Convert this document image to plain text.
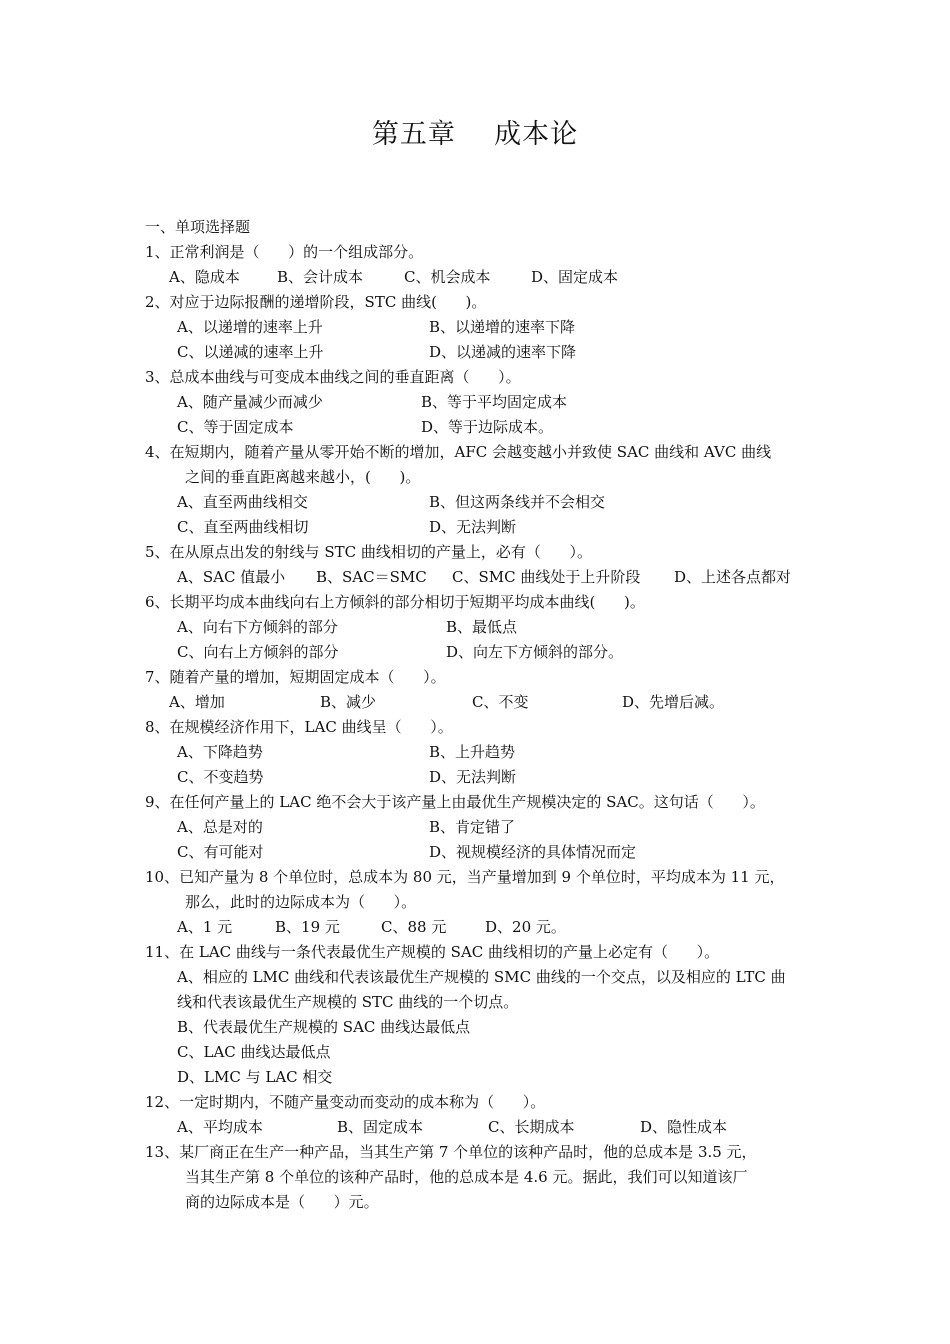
第五章    成本论
一、单项选择题
1、正常利润是（      ）的一个组成部分。
A、隐成本 B、会计成本	C、机会成本	D、固定成本
2、对应于边际报酬的递增阶段，STC 曲线(      )。
A、以递增的速率上升	B、以递增的速率下降
C、以递减的速率上升	D、以递减的速率下降
3、总成本曲线与可变成本曲线之间的垂直距离（      ）。
A、随产量减少而减少	B、等于平均固定成本
C、等于固定成本	D、等于边际成本。
4、在短期内，随着产量从零开始不断的增加，AFC 会越变越小并致使 SAC 曲线和 AVC 曲线
之间的垂直距离越来越小，(      )。
A、直至两曲线相交	B、但这两条线并不会相交
C、直至两曲线相切	D、无法判断
5、在从原点出发的射线与 STC 曲线相切的产量上，必有（      ）。
A、SAC 值最小 B、SAC＝SMC C、SMC 曲线处于上升阶段 D、上述各点都对
6、长期平均成本曲线向右上方倾斜的部分相切于短期平均成本曲线(      )。
A、向右下方倾斜的部分	B、最低点
C、向右上方倾斜的部分	D、向左下方倾斜的部分。
7、随着产量的增加，短期固定成本（      ）。
A、增加	B、减少	C、不变	D、先增后减。
8、在规模经济作用下，LAC 曲线呈（      ）。
A、下降趋势	B、上升趋势
C、不变趋势	D、无法判断
9、在任何产量上的 LAC 绝不会大于该产量上由最优生产规模决定的 SAC。这句话（      ）。
A、总是对的	B、肯定错了
C、有可能对	D、视规模经济的具体情况而定
10、已知产量为 8 个单位时，总成本为 80 元，当产量增加到 9 个单位时，平均成本为 11 元，
那么，此时的边际成本为（      ）。
A、1 元	B、19 元	C、88 元	D、20 元。
11、在 LAC 曲线与一条代表最优生产规模的 SAC 曲线相切的产量上必定有（      ）。
A、相应的 LMC 曲线和代表该最优生产规模的 SMC 曲线的一个交点，以及相应的 LTC 曲
线和代表该最优生产规模的 STC 曲线的一个切点。
B、代表最优生产规模的 SAC 曲线达最低点
C、LAC 曲线达最低点
D、LMC 与 LAC 相交
12、一定时期内，不随产量变动而变动的成本称为（      ）。
A、平均成本	B、固定成本	C、长期成本	D、隐性成本
13、某厂商正在生产一种产品，当其生产第 7 个单位的该种产品时，他的总成本是 3.5 元，
当其生产第 8 个单位的该种产品时，他的总成本是 4.6 元。据此，我们可以知道该厂
商的边际成本是（      ）元。
